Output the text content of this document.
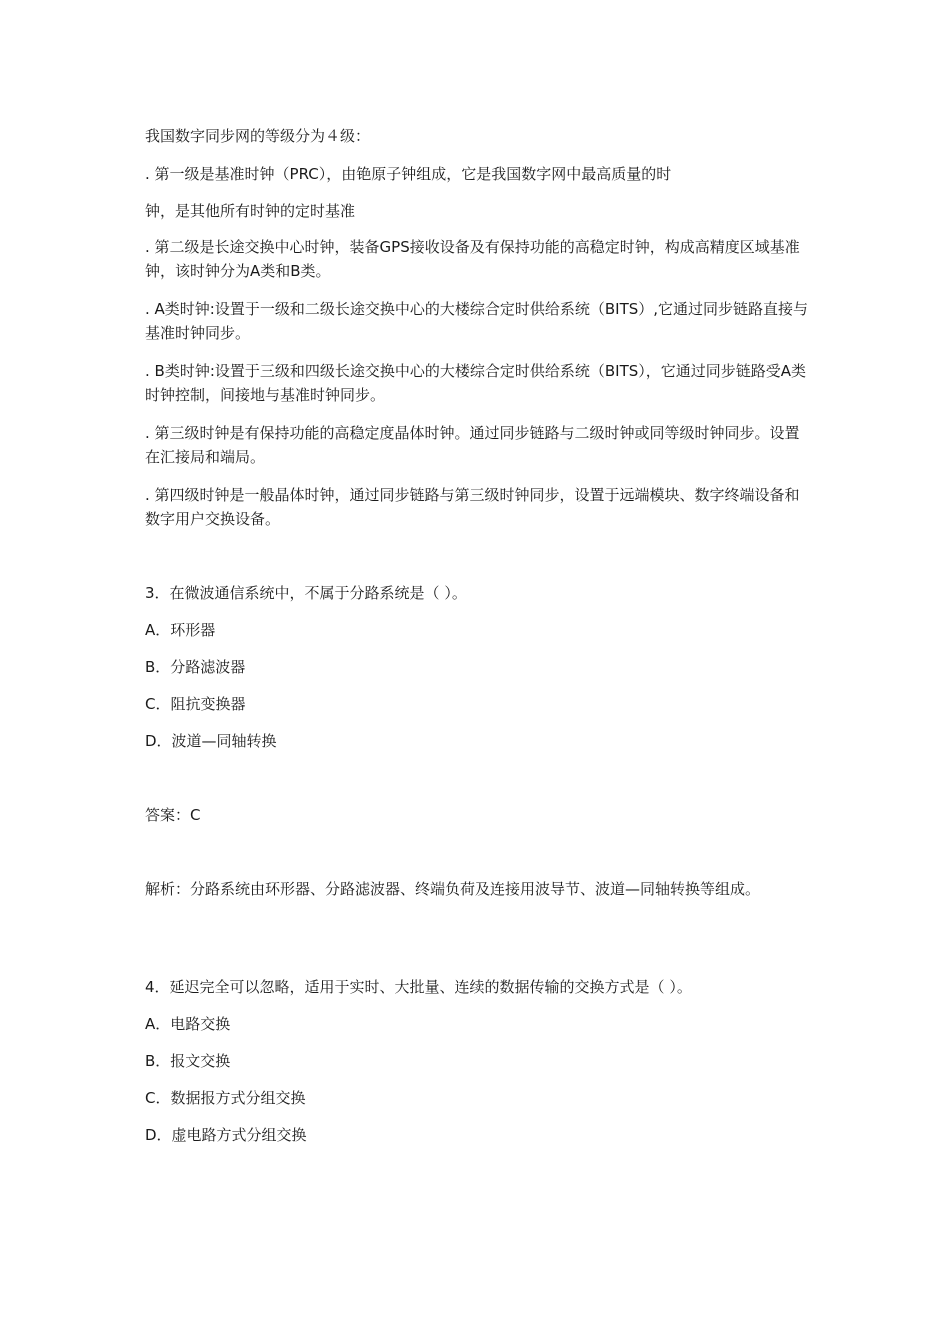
我国数字同步网的等级分为４级：

. 第一级是基准时钟（PRC），由铯原子钟组成，它是我国数字网中最高质量的时

钟，是其他所有时钟的定时基准

. 第二级是长途交换中心时钟，装备GPS接收设备及有保持功能的高稳定时钟，构成高精度区域基准钟，该时钟分为A类和B类。

. A类时钟:设置于一级和二级长途交换中心的大楼综合定时供给系统（BITS）,它通过同步链路直接与基准时钟同步。

. B类时钟:设置于三级和四级长途交换中心的大楼综合定时供给系统（BITS），它通过同步链路受A类时钟控制，间接地与基准时钟同步。

. 第三级时钟是有保持功能的高稳定度晶体时钟。通过同步链路与二级时钟或同等级时钟同步。设置在汇接局和端局。

. 第四级时钟是一般晶体时钟，通过同步链路与第三级时钟同步，设置于远端模块、数字终端设备和数字用户交换设备。

3．在微波通信系统中，不属于分路系统是（ ）。

A．环形器

B．分路滤波器

C．阻抗变换器

D．波道—同轴转换

答案：C

解析：分路系统由环形器、分路滤波器、终端负荷及连接用波导节、波道—同轴转换等组成。

4．延迟完全可以忽略，适用于实时、大批量、连续的数据传输的交换方式是（ ）。

A．电路交换

B．报文交换

C．数据报方式分组交换

D．虚电路方式分组交换
